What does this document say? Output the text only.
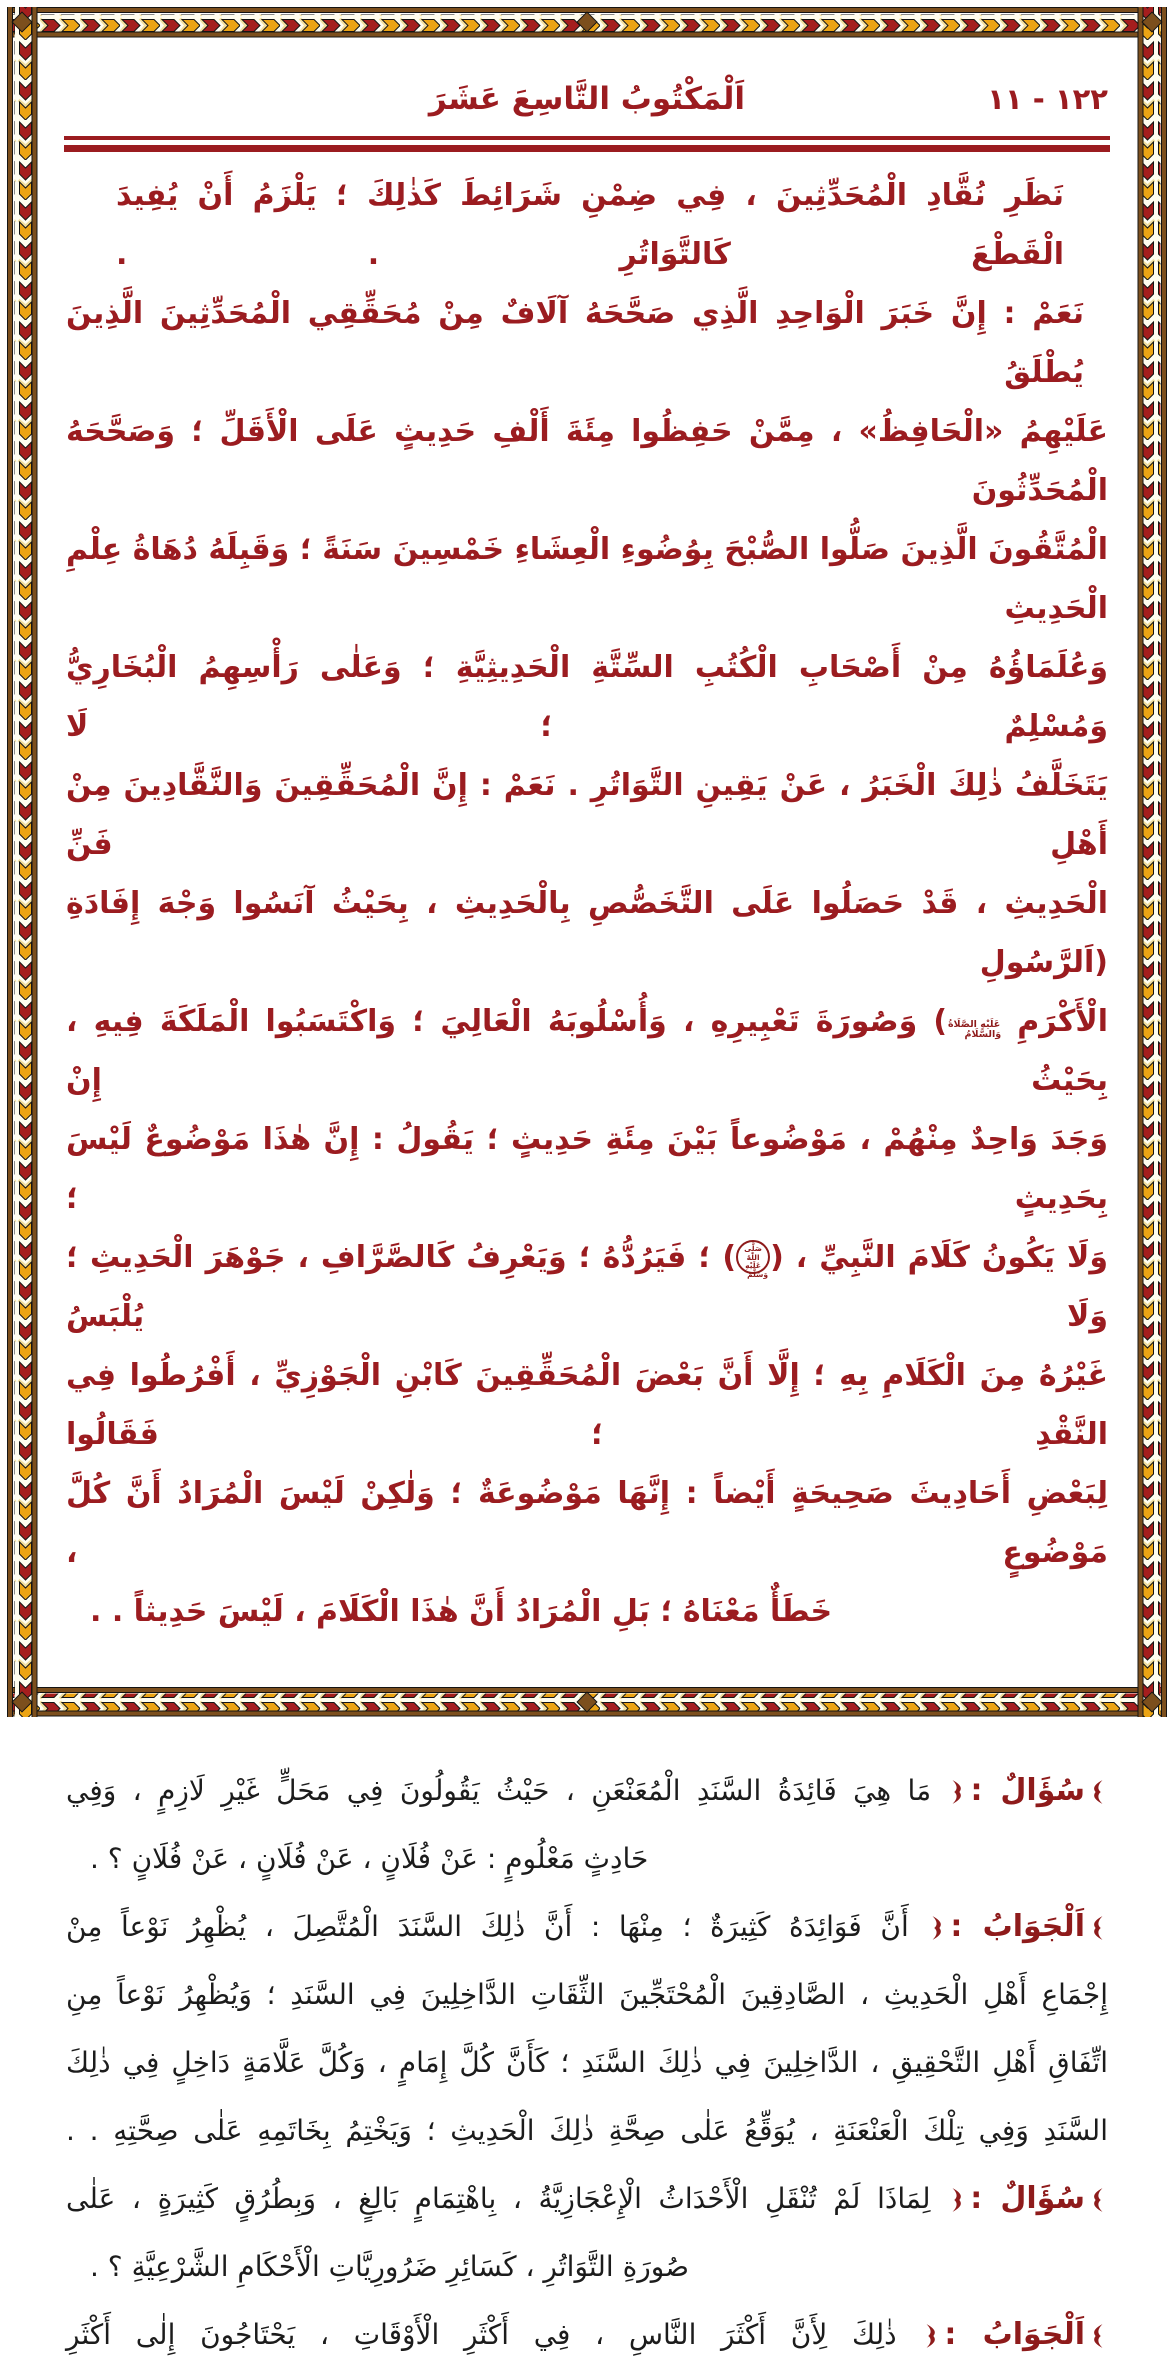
اَلْمَكْتُوبُ التَّاسِعَ عَشَرَ	١٢٢ - ١١
نَظَرِ نُقَّادِ الْمُحَدِّثِينَ ، فِي ضِمْنِ شَرَائِطَ كَذٰلِكَ ؛ يَلْزَمُ أَنْ يُفِيدَ الْقَطْعَ كَالتَّوَاتُرِ . .
نَعَمْ : إِنَّ خَبَرَ الْوَاحِدِ الَّذِي صَحَّحَهُ آلَافٌ مِنْ مُحَقِّقِي الْمُحَدِّثِينَ الَّذِينَ يُطْلَقُ
عَلَيْهِمُ «الْحَافِظُ» ، مِمَّنْ حَفِظُوا مِئَةَ أَلْفِ حَدِيثٍ عَلَى الْأَقَلِّ ؛ وَصَحَّحَهُ الْمُحَدِّثُونَ
الْمُتَّقُونَ الَّذِينَ صَلُّوا الصُّبْحَ بِوُضُوءِ الْعِشَاءِ خَمْسِينَ سَنَةً ؛ وَقَبِلَهُ دُهَاةُ عِلْمِ الْحَدِيثِ
وَعُلَمَاؤُهُ مِنْ أَصْحَابِ الْكُتُبِ السِّتَّةِ الْحَدِيثِيَّةِ ؛ وَعَلٰى رَأْسِهِمُ الْبُخَارِيُّ وَمُسْلِمٌ ؛ لَا
يَتَخَلَّفُ ذٰلِكَ الْخَبَرُ ، عَنْ يَقِينِ التَّوَاتُرِ . نَعَمْ : إِنَّ الْمُحَقِّقِينَ وَالنَّقَّادِينَ مِنْ أَهْلِ فَنِّ
الْحَدِيثِ ، قَدْ حَصَلُوا عَلَى التَّخَصُّصِ بِالْحَدِيثِ ، بِحَيْثُ آنَسُوا وَجْهَ إِفَادَةِ (اَلرَّسُولِ
الْأَكْرَمِ عَلَيْهِ الصَّلَاةُ وَالسَّلَامُ) وَصُورَةَ تَعْبِيرِهِ ، وَأُسْلُوبَهُ الْعَالِيَ ؛ وَاكْتَسَبُوا الْمَلَكَةَ فِيهِ ، بِحَيْثُ إِنْ
وَجَدَ وَاحِدٌ مِنْهُمْ ، مَوْضُوعاً بَيْنَ مِئَةِ حَدِيثٍ ؛ يَقُولُ : إِنَّ هٰذَا مَوْضُوعٌ لَيْسَ بِحَدِيثٍ ؛
وَلَا يَكُونُ كَلَامَ النَّبِيِّ ، (صَلَّى اللّٰهُ عَلَيْهِ وَسَلَّمَ) ؛ فَيَرُدُّهُ ؛ وَيَعْرِفُ كَالصَّرَّافِ ، جَوْهَرَ الْحَدِيثِ ؛ وَلَا يُلْبَسُ
غَيْرُهُ مِنَ الْكَلَامِ بِهِ ؛ إِلَّا أَنَّ بَعْضَ الْمُحَقِّقِينَ كَابْنِ الْجَوْزِيِّ ، أَفْرُطُوا فِي النَّقْدِ ؛ فَقَالُوا
لِبَعْضِ أَحَادِيثَ صَحِيحَةٍ أَيْضاً : إِنَّهَا مَوْضُوعَةٌ ؛ وَلٰكِنْ لَيْسَ الْمُرَادُ أَنَّ كُلَّ مَوْضُوعٍ ،
خَطَأٌ مَعْنَاهُ ؛ بَلِ الْمُرَادُ أَنَّ هٰذَا الْكَلَامَ ، لَيْسَ حَدِيثاً . .
سُؤَالٌ : مَا هِيَ فَائِدَةُ السَّنَدِ الْمُعَنْعَنِ ، حَيْثُ يَقُولُونَ فِي مَحَلٍّ غَيْرِ لَازِمٍ ، وَفِي
حَادِثٍ مَعْلُومٍ : عَنْ فُلَانٍ ، عَنْ فُلَانٍ ، عَنْ فُلَانٍ ؟ .
اَلْجَوَابُ : أَنَّ فَوَائِدَهُ كَثِيرَةٌ ؛ مِنْهَا : أَنَّ ذٰلِكَ السَّنَدَ الْمُتَّصِلَ ، يُظْهِرُ نَوْعاً مِنْ
إِجْمَاعِ أَهْلِ الْحَدِيثِ ، الصَّادِقِينَ الْمُحْتَجِّينَ الثِّقَاتِ الدَّاخِلِينَ فِي السَّنَدِ ؛ وَيُظْهِرُ نَوْعاً مِنِ
اتِّفَاقِ أَهْلِ التَّحْقِيقِ ، الدَّاخِلِينَ فِي ذٰلِكَ السَّنَدِ ؛ كَأَنَّ كُلَّ إِمَامٍ ، وَكُلَّ عَلَّامَةٍ دَاخِلٍ فِي ذٰلِكَ
السَّنَدِ وَفِي تِلْكَ الْعَنْعَنَةِ ، يُوَقِّعُ عَلٰى صِحَّةِ ذٰلِكَ الْحَدِيثِ ؛ وَيَخْتِمُ بِخَاتَمِهِ عَلٰى صِحَّتِهِ . .
سُؤَالٌ : لِمَاذَا لَمْ تُنْقَلِ الْأَحْدَاثُ الْإِعْجَازِيَّةُ ، بِاهْتِمَامٍ بَالِغٍ ، وَبِطُرُقٍ كَثِيرَةٍ ، عَلٰى
صُورَةِ التَّوَاتُرِ ، كَسَائِرِ ضَرُورِيَّاتِ الْأَحْكَامِ الشَّرْعِيَّةِ ؟ .
اَلْجَوَابُ : ذٰلِكَ لِأَنَّ أَكْثَرَ النَّاسِ ، فِي أَكْثَرِ الْأَوْقَاتِ ، يَحْتَاجُونَ إِلٰى أَكْثَرِ
